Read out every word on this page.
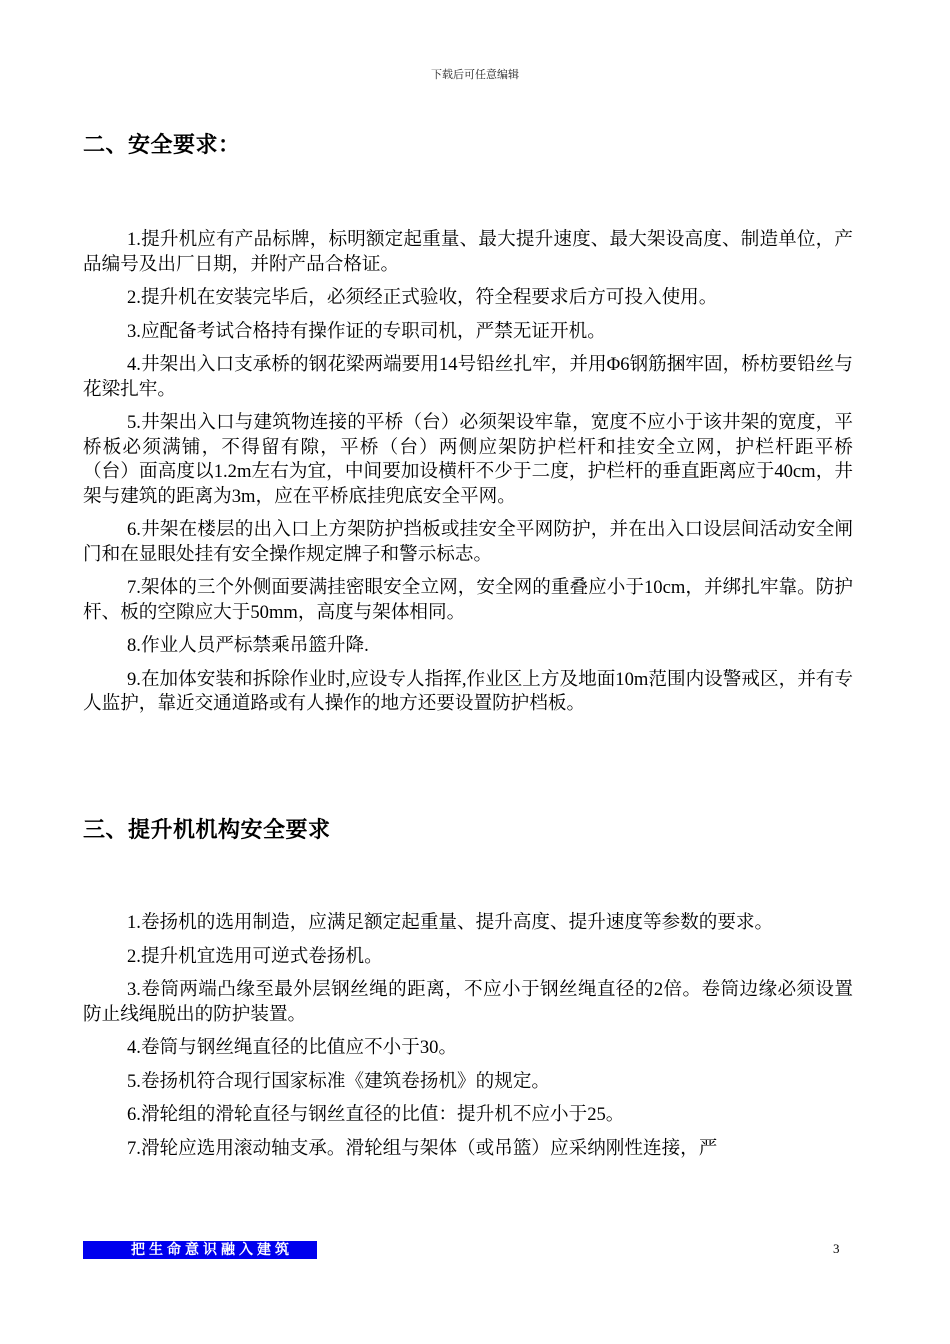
下载后可任意编辑
二、安全要求：

1.提升机应有产品标牌，标明额定起重量、最大提升速度、最大架设高度、制造单位，产品编号及出厂日期，并附产品合格证。

2.提升机在安装完毕后，必须经正式验收，符全程要求后方可投入使用。

3.应配备考试合格持有操作证的专职司机，严禁无证开机。

4.井架出入口支承桥的钢花梁两端要用14号铅丝扎牢，并用Φ6钢筋捆牢固，桥枋要铅丝与花梁扎牢。

5.井架出入口与建筑物连接的平桥（台）必须架设牢靠，宽度不应小于该井架的宽度，平桥板必须满铺，不得留有隙，平桥（台）两侧应架防护栏杆和挂安全立网，护栏杆距平桥（台）面高度以1.2m左右为宜，中间要加设横杆不少于二度，护栏杆的垂直距离应于40cm，井架与建筑的距离为3m，应在平桥底挂兜底安全平网。

6.井架在楼层的出入口上方架防护挡板或挂安全平网防护，并在出入口设层间活动安全闸门和在显眼处挂有安全操作规定牌子和警示标志。

7.架体的三个外侧面要满挂密眼安全立网，安全网的重叠应小于10cm，并绑扎牢靠。防护杆、板的空隙应大于50mm，高度与架体相同。

8.作业人员严标禁乘吊篮升降.

9.在加体安装和拆除作业时,应设专人指挥,作业区上方及地面10m范围内设警戒区，并有专人监护，靠近交通道路或有人操作的地方还要设置防护档板。

三、提升机机构安全要求

1.卷扬机的选用制造，应满足额定起重量、提升高度、提升速度等参数的要求。

2.提升机宜选用可逆式卷扬机。

3.卷筒两端凸缘至最外层钢丝绳的距离，不应小于钢丝绳直径的2倍。卷筒边缘必须设置防止线绳脱出的防护装置。

4.卷筒与钢丝绳直径的比值应不小于30。

5.卷扬机符合现行国家标准《建筑卷扬机》的规定。

6.滑轮组的滑轮直径与钢丝直径的比值：提升机不应小于25。

7.滑轮应选用滚动轴支承。滑轮组与架体（或吊篮）应采纳刚性连接，严

把生命意识融入建筑	3
